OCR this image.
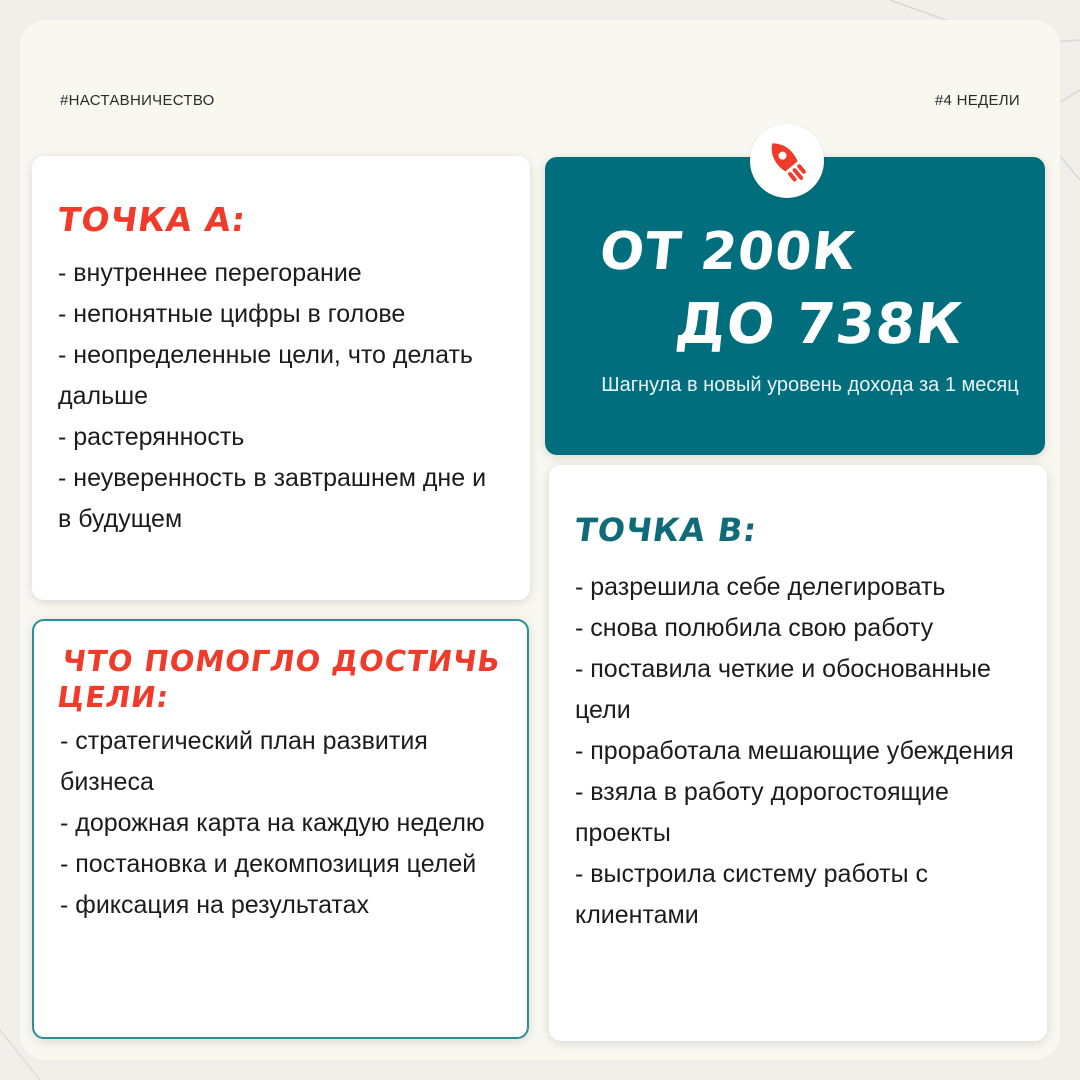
#НАСТАВНИЧЕСТВО	#4 НЕДЕЛИ
ТОЧКА А:
- внутреннее перегорание
- непонятные цифры в голове
- неопределенные цели, что делать дальше
- растерянность
- неуверенность в завтрашнем дне и в будущем
ОТ 200К
ДО 738К
Шагнула в новый уровень дохода за 1 месяц
ЧТО ПОМОГЛО ДОСТИЧЬ ЦЕЛИ:
- стратегический план развития бизнеса
- дорожная карта на каждую неделю
- постановка и декомпозиция целей
- фиксация на результатах
ТОЧКА В:
- разрешила себе делегировать
- снова полюбила свою работу
- поставила четкие и обоснованные цели
- проработала мешающие убеждения
- взяла в работу дорогостоящие проекты
- выстроила систему работы с клиентами
